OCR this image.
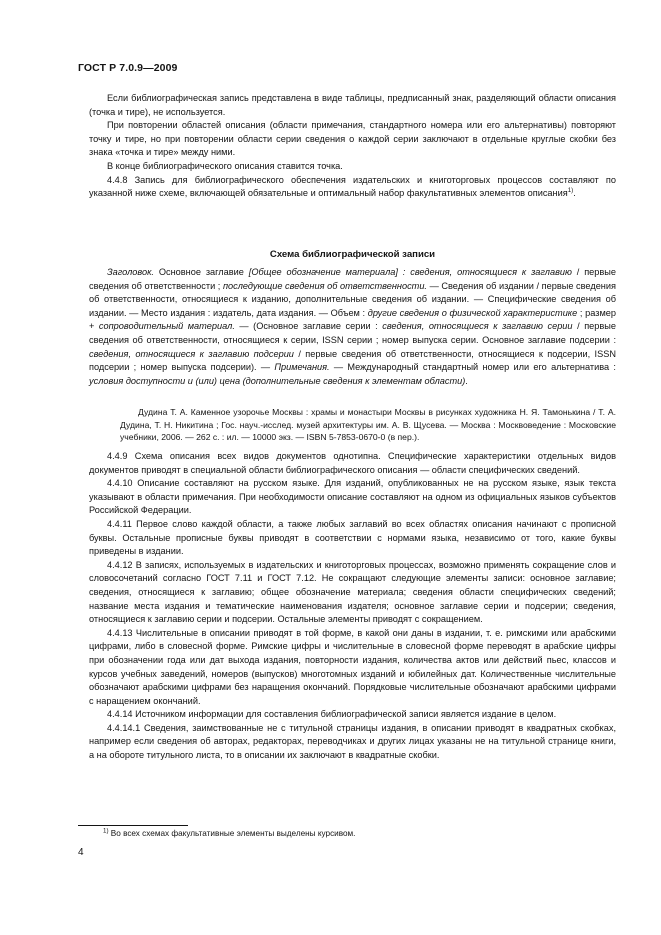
ГОСТ Р 7.0.9—2009

Если библиографическая запись представлена в виде таблицы, предписанный знак, разделяющий области описания (точка и тире), не используется.

При повторении областей описания (области примечания, стандартного номера или его альтернативы) повторяют точку и тире, но при повторении области серии сведения о каждой серии заключают в отдельные круглые скобки без знака «точка и тире» между ними.

В конце библиографического описания ставится точка.

4.4.8 Запись для библиографического обеспечения издательских и книготорговых процессов составляют по указанной ниже схеме, включающей обязательные и оптимальный набор факультативных элементов описания$^{1)}$.

Схема библиографической записи

Заголовок. Основное заглавие [Общее обозначение материала] : сведения, относящиеся к заглавию / первые сведения об ответственности ; последующие сведения об ответственности. — Сведения об издании / первые сведения об ответственности, относящиеся к изданию, дополнительные сведения об издании. — Специфические сведения об издании. — Место издания : издатель, дата издания. — Объем : другие сведения о физической характеристике ; размер + сопроводительный материал. — (Основное заглавие серии : сведения, относящиеся к заглавию серии / первые сведения об ответственности, относящиеся к серии, ISSN серии ; номер выпуска серии. Основное заглавие подсерии : сведения, относящиеся к заглавию подсерии / первые сведения об ответственности, относящиеся к подсерии, ISSN подсерии ; номер выпуска подсерии). — Примечания. — Международный стандартный номер или его альтернатива : условия доступности и (или) цена (дополнительные сведения к элементам области).

Дудина Т. А. Каменное узорочье Москвы : храмы и монастыри Москвы в рисунках художника Н. Я. Тамонькина / Т. А. Дудина, Т. Н. Никитина ; Гос. науч.-исслед. музей архитектуры им. А. В. Щусева. — Москва : Москвоведение : Московские учебники, 2006. — 262 с. : ил. — 10000 экз. — ISBN 5-7853-0670-0 (в пер.).

4.4.9 Схема описания всех видов документов однотипна. Специфические характеристики отдельных видов документов приводят в специальной области библиографического описания — области специфических сведений.

4.4.10 Описание составляют на русском языке. Для изданий, опубликованных не на русском языке, язык текста указывают в области примечания. При необходимости описание составляют на одном из официальных языков субъектов Российской Федерации.

4.4.11 Первое слово каждой области, а также любых заглавий во всех областях описания начинают с прописной буквы. Остальные прописные буквы приводят в соответствии с нормами языка, независимо от того, какие буквы приведены в издании.

4.4.12 В записях, используемых в издательских и книготорговых процессах, возможно применять сокращение слов и словосочетаний согласно ГОСТ 7.11 и ГОСТ 7.12. Не сокращают следующие элементы записи: основное заглавие; сведения, относящиеся к заглавию; общее обозначение материала; сведения области специфических сведений; название места издания и тематические наименования издателя; основное заглавие серии и подсерии; сведения, относящиеся к заглавию серии и подсерии. Остальные элементы приводят с сокращением.

4.4.13 Числительные в описании приводят в той форме, в какой они даны в издании, т. е. римскими или арабскими цифрами, либо в словесной форме. Римские цифры и числительные в словесной форме переводят в арабские цифры при обозначении года или дат выхода издания, повторности издания, количества актов или действий пьес, классов и курсов учебных заведений, номеров (выпусков) многотомных изданий и юбилейных дат. Количественные числительные обозначают арабскими цифрами без наращения окончаний. Порядковые числительные обозначают арабскими цифрами с наращением окончаний.

4.4.14 Источником информации для составления библиографической записи является издание в целом.

4.4.14.1 Сведения, заимствованные не с титульной страницы издания, в описании приводят в квадратных скобках, например если сведения об авторах, редакторах, переводчиках и других лицах указаны не на титульной странице книги, а на обороте титульного листа, то в описании их заключают в квадратные скобки.

$^{1)}$ Во всех схемах факультативные элементы выделены курсивом.
4
